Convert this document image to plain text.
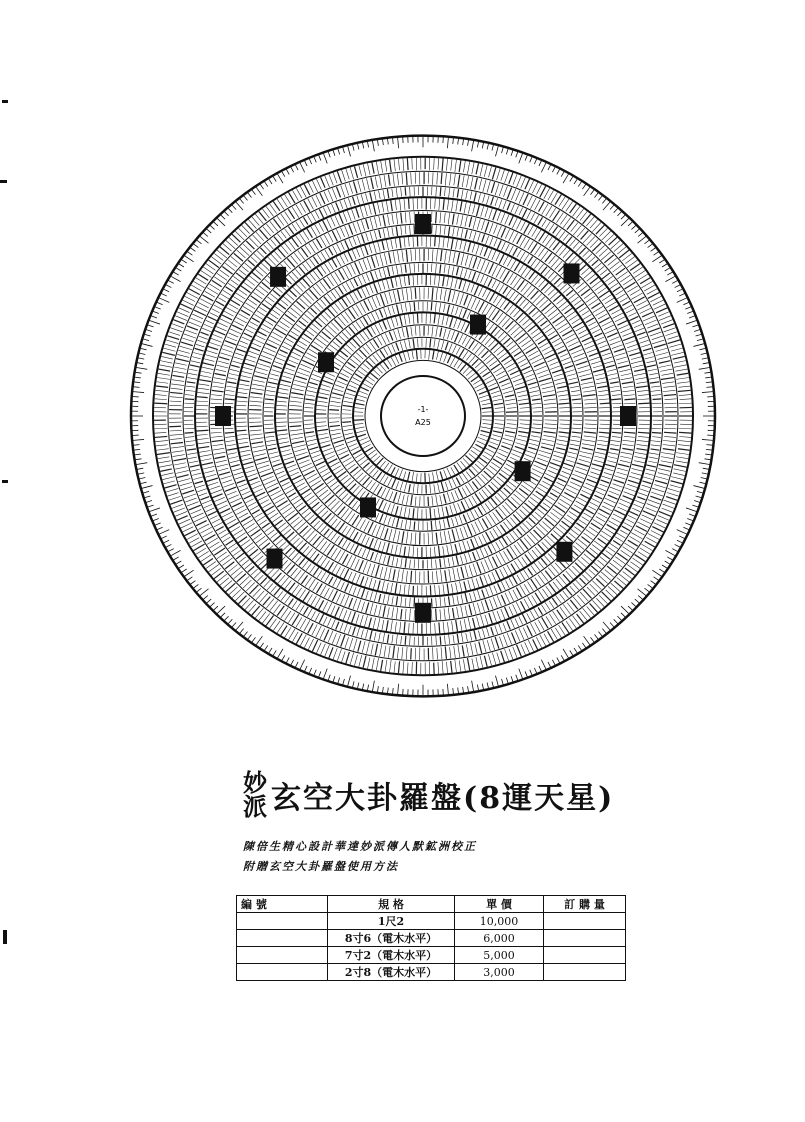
-1-
A25
妙
派 玄空大卦羅盤(8運天星)
陳倍生精心設計華達妙派傳人默鉱洲校正
附贈玄空大卦羅盤使用方法
編 號	規 格	單 價	訂 購 量
	1尺2	10,000	
	8寸6（電木水平）	6,000	
	7寸2（電木水平）	5,000	
	2寸8（電木水平）	3,000	
